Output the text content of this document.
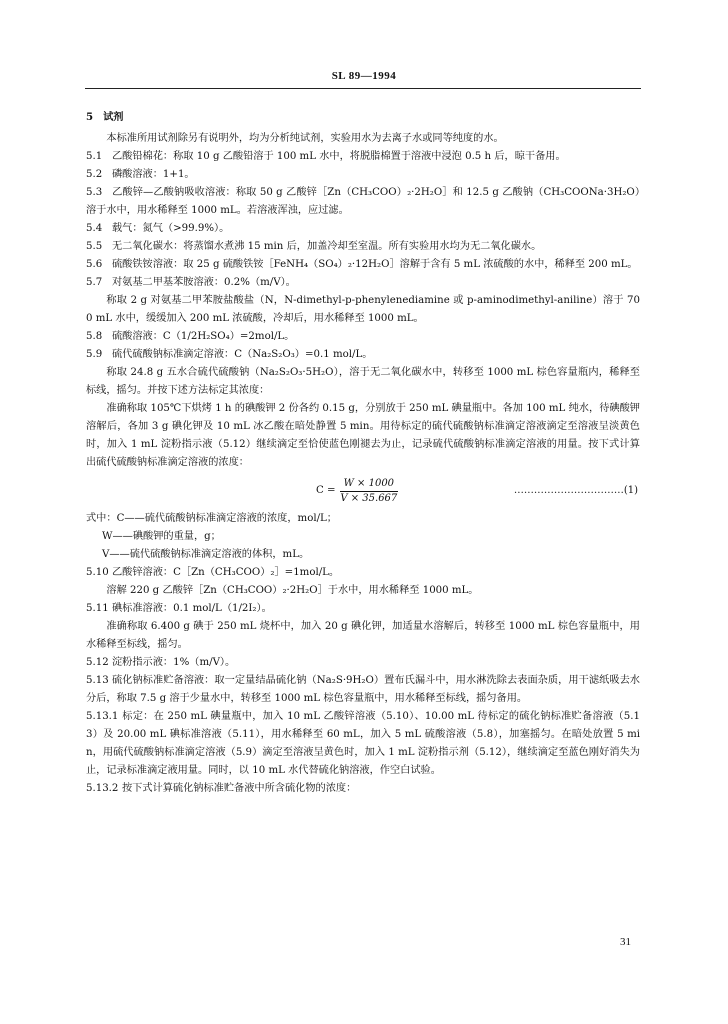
SL 89—1994

5 试剂

本标准所用试剂除另有说明外，均为分析纯试剂，实验用水为去离子水或同等纯度的水。

5.1 乙酸铅棉花：称取 10 g 乙酸铅溶于 100 mL 水中，将脱脂棉置于溶液中浸泡 0.5 h 后，晾干备用。

5.2 磷酸溶液：1+1。

5.3 乙酸锌—乙酸钠吸收溶液：称取 50 g 乙酸锌［Zn（CH₃COO）₂·2H₂O］和 12.5 g 乙酸钠（CH₃COONa·3H₂O）溶于水中，用水稀释至 1000 mL。若溶液浑浊，应过滤。

5.4 载气：氮气（>99.9%）。

5.5 无二氧化碳水：将蒸馏水煮沸 15 min 后，加盖冷却至室温。所有实验用水均为无二氧化碳水。

5.6 硫酸铁铵溶液：取 25 g 硫酸铁铵［FeNH₄（SO₄）₂·12H₂O］溶解于含有 5 mL 浓硫酸的水中，稀释至 200 mL。

5.7 对氨基二甲基苯胺溶液：0.2%（m/V）。

称取 2 g 对氨基二甲苯胺盐酸盐（N，N-dimethyl-p-phenylenediamine 或 p-aminodimethyl-aniline）溶于 700 mL 水中，缓缓加入 200 mL 浓硫酸，冷却后，用水稀释至 1000 mL。

5.8 硫酸溶液：C（1/2H₂SO₄）=2mol/L。

5.9 硫代硫酸钠标准滴定溶液：C（Na₂S₂O₃）=0.1 mol/L。

称取 24.8 g 五水合硫代硫酸钠（Na₂S₂O₃·5H₂O），溶于无二氧化碳水中，转移至 1000 mL 棕色容量瓶内，稀释至标线，摇匀。并按下述方法标定其浓度：

准确称取 105℃下烘烤 1 h 的碘酸钾 2 份各约 0.15 g，分别放于 250 mL 碘量瓶中。各加 100 mL 纯水，待碘酸钾溶解后，各加 3 g 碘化钾及 10 mL 冰乙酸在暗处静置 5 min。用待标定的硫代硫酸钠标准滴定溶液滴定至溶液呈淡黄色时，加入 1 mL 淀粉指示液（5.12）继续滴定至恰使蓝色刚褪去为止，记录硫代硫酸钠标准滴定溶液的用量。按下式计算出硫代硫酸钠标准滴定溶液的浓度：

$C = \frac{W \times 1000}{V \times 35.667}$	……………………………(1)

式中：C——硫代硫酸钠标准滴定溶液的浓度，mol/L；

W——碘酸钾的重量，g；

V——硫代硫酸钠标准滴定溶液的体积，mL。

5.10 乙酸锌溶液：C［Zn（CH₃COO）₂］=1mol/L。

溶解 220 g 乙酸锌［Zn（CH₃COO）₂·2H₂O］于水中，用水稀释至 1000 mL。

5.11 碘标准溶液：0.1 mol/L（1/2I₂）。

准确称取 6.400 g 碘于 250 mL 烧杯中，加入 20 g 碘化钾，加适量水溶解后，转移至 1000 mL 棕色容量瓶中，用水稀释至标线，摇匀。

5.12 淀粉指示液：1%（m/V）。

5.13 硫化钠标准贮备溶液：取一定量结晶硫化钠（Na₂S·9H₂O）置布氏漏斗中，用水淋洗除去表面杂质，用干滤纸吸去水分后，称取 7.5 g 溶于少量水中，转移至 1000 mL 棕色容量瓶中，用水稀释至标线，摇匀备用。

5.13.1 标定：在 250 mL 碘量瓶中，加入 10 mL 乙酸锌溶液（5.10）、10.00 mL 待标定的硫化钠标准贮备溶液（5.13）及 20.00 mL 碘标准溶液（5.11），用水稀释至 60 mL，加入 5 mL 硫酸溶液（5.8），加塞摇匀。在暗处放置 5 min，用硫代硫酸钠标准滴定溶液（5.9）滴定至溶液呈黄色时，加入 1 mL 淀粉指示剂（5.12），继续滴定至蓝色刚好消失为止，记录标准滴定液用量。同时，以 10 mL 水代替硫化钠溶液，作空白试验。

5.13.2 按下式计算硫化钠标准贮备液中所含硫化物的浓度：

31
